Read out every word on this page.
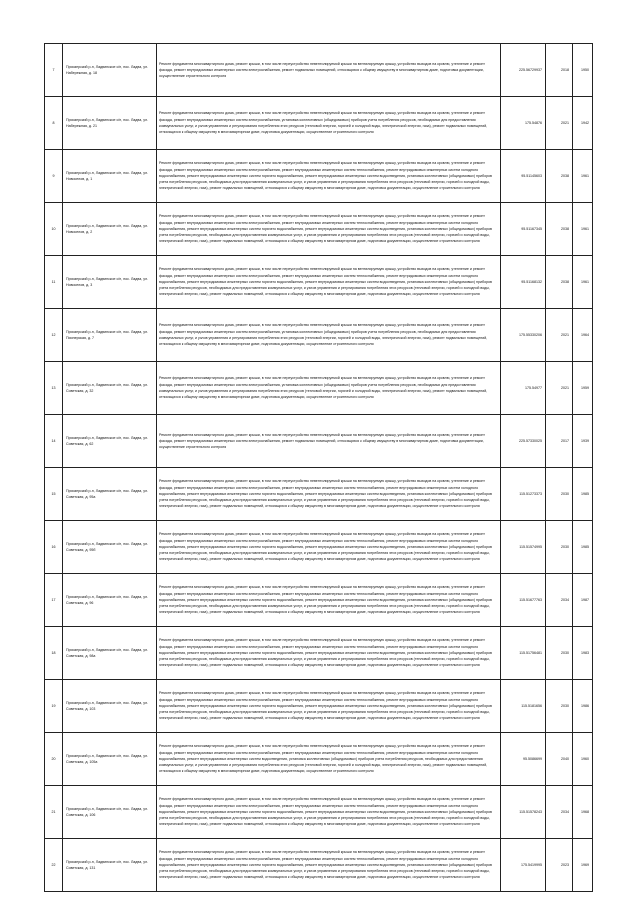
7	Приозерский р-н, Ладвинское с/п, пос. Ладва, ул. Набережная, д. 18	Ремонт фундамента многоквартирного дома, ремонт крыши, в том числе переустройство невентилируемой крыши на вентилируемую крышу, устройство выходов на кровлю, утепление и ремонт фасада, ремонт внутридомовых инженерных систем электроснабжения, ремонт подвальных помещений, относящихся к общему имуществу в многоквартирном доме, подготовка документации, осуществление строительного контроля	225.56729937	2018	1950
8	Приозерский р-н, Ладвинское с/п, пос. Ладва, ул. Набережная, д. 21	Ремонт фундамента многоквартирного дома, ремонт крыши, в том числе переустройство невентилируемой крыши на вентилируемую крышу, устройство выходов на кровлю, утепление и ремонт фасада, ремонт внутридомовых инженерных систем электроснабжения, установка коллективных (общедомовых) приборов учета потребления ресурсов, необходимых для предоставления коммунальных услуг, и узлов управления и регулирования потребления этих ресурсов (тепловой энергии, горячей и холодной воды, электрической энергии, газа), ремонт подвальных помещений, относящихся к общему имуществу в многоквартирном доме, подготовка документации, осуществление строительного контроля	175.54876	2021	1942
9	Приозерский р-н, Ладвинское с/п, пос. Ладва, ул. Новоселов, д. 1	Ремонт фундамента многоквартирного дома, ремонт крыши, в том числе переустройство невентилируемой крыши на вентилируемую крышу, устройство выходов на кровлю, утепление и ремонт фасада, ремонт внутридомовых инженерных систем электроснабжения, ремонт внутридомовых инженерных систем теплоснабжения, ремонт внутридомовых инженерных систем холодного водоснабжения, ремонт внутридомовых инженерных систем горячего водоснабжения, ремонт внутридомовых инженерных систем водоотведения, установка коллективных (общедомовых) приборов учета потребления ресурсов, необходимых для предоставления коммунальных услуг, и узлов управления и регулирования потребления этих ресурсов (тепловой энергии, горячей и холодной воды, электрической энергии, газа), ремонт подвальных помещений, относящихся к общему имуществу в многоквартирном доме, подготовка документации, осуществление строительного контроля	95.51145603	2038	1961
10	Приозерский р-н, Ладвинское с/п, пос. Ладва, ул. Новоселов, д. 2	Ремонт фундамента многоквартирного дома, ремонт крыши, в том числе переустройство невентилируемой крыши на вентилируемую крышу, устройство выходов на кровлю, утепление и ремонт фасада, ремонт внутридомовых инженерных систем электроснабжения, ремонт внутридомовых инженерных систем теплоснабжения, ремонт внутридомовых инженерных систем холодного водоснабжения, ремонт внутридомовых инженерных систем горячего водоснабжения, ремонт внутридомовых инженерных систем водоотведения, установка коллективных (общедомовых) приборов учета потребления ресурсов, необходимых для предоставления коммунальных услуг, и узлов управления и регулирования потребления этих ресурсов (тепловой энергии, горячей и холодной воды, электрической энергии, газа), ремонт подвальных помещений, относящихся к общему имуществу в многоквартирном доме, подготовка документации, осуществление строительного контроля	95.51167345	2038	1961
11	Приозерский р-н, Ладвинское с/п, пос. Ладва, ул. Новоселов, д. 3	Ремонт фундамента многоквартирного дома, ремонт крыши, в том числе переустройство невентилируемой крыши на вентилируемую крышу, устройство выходов на кровлю, утепление и ремонт фасада, ремонт внутридомовых инженерных систем электроснабжения, ремонт внутридомовых инженерных систем теплоснабжения, ремонт внутридомовых инженерных систем холодного водоснабжения, ремонт внутридомовых инженерных систем горячего водоснабжения, ремонт внутридомовых инженерных систем водоотведения, установка коллективных (общедомовых) приборов учета потребления ресурсов, необходимых для предоставления коммунальных услуг, и узлов управления и регулирования потребления этих ресурсов (тепловой энергии, горячей и холодной воды, электрической энергии, газа), ремонт подвальных помещений, относящихся к общему имуществу в многоквартирном доме, подготовка документации, осуществление строительного контроля	95.51168132	2038	1961
12	Приозерский р-н, Ладвинское с/п, пос. Ладва, ул. Пионерская, д. 7	Ремонт фундамента многоквартирного дома, ремонт крыши, в том числе переустройство невентилируемой крыши на вентилируемую крышу, устройство выходов на кровлю, утепление и ремонт фасада, ремонт внутридомовых инженерных систем электроснабжения, установка коллективных (общедомовых) приборов учета потребления ресурсов, необходимых для предоставления коммунальных услуг, и узлов управления и регулирования потребления этих ресурсов (тепловой энергии, горячей и холодной воды, электрической энергии, газа), ремонт подвальных помещений, относящихся к общему имуществу в многоквартирном доме, подготовка документации, осуществление строительного контроля	175.55330206	2021	1964
13	Приозерский р-н, Ладвинское с/п, пос. Ладва, ул. Советская, д. 32	Ремонт фундамента многоквартирного дома, ремонт крыши, в том числе переустройство невентилируемой крыши на вентилируемую крышу, устройство выходов на кровлю, утепление и ремонт фасада, ремонт внутридомовых инженерных систем электроснабжения, установка коллективных (общедомовых) приборов учета потребления ресурсов, необходимых для предоставления коммунальных услуг, и узлов управления и регулирования потребления этих ресурсов (тепловой энергии, горячей и холодной воды, электрической энергии, газа), ремонт подвальных помещений, относящихся к общему имуществу в многоквартирном доме, подготовка документации, осуществление строительного контроля	175.54977	2021	1959
14	Приозерский р-н, Ладвинское с/п, пос. Ладва, ул. Советская, д. 62	Ремонт фундамента многоквартирного дома, ремонт крыши, в том числе переустройство невентилируемой крыши на вентилируемую крышу, устройство выходов на кровлю, утепление и ремонт фасада, ремонт внутридомовых инженерных систем электроснабжения, ремонт подвальных помещений, относящихся к общему имуществу в многоквартирном доме, подготовка документации, осуществление строительного контроля	225.57330025	2017	1939
15	Приозерский р-н, Ладвинское с/п, пос. Ладва, ул. Советская, д. 95а	Ремонт фундамента многоквартирного дома, ремонт крыши, в том числе переустройство невентилируемой крыши на вентилируемую крышу, устройство выходов на кровлю, утепление и ремонт фасада, ремонт внутридомовых инженерных систем электроснабжения, ремонт внутридомовых инженерных систем теплоснабжения, ремонт внутридомовых инженерных систем холодного водоснабжения, ремонт внутридомовых инженерных систем горячего водоснабжения, ремонт внутридомовых инженерных систем водоотведения, установка коллективных (общедомовых) приборов учета потребления ресурсов, необходимых для предоставления коммунальных услуг, и узлов управления и регулирования потребления этих ресурсов (тепловой энергии, горячей и холодной воды, электрической энергии, газа), ремонт подвальных помещений, относящихся к общему имуществу в многоквартирном доме, подготовка документации, осуществление строительного контроля	115.51273373	2030	1985
16	Приозерский р-н, Ладвинское с/п, пос. Ладва, ул. Советская, д. 95б	Ремонт фундамента многоквартирного дома, ремонт крыши, в том числе переустройство невентилируемой крыши на вентилируемую крышу, устройство выходов на кровлю, утепление и ремонт фасада, ремонт внутридомовых инженерных систем электроснабжения, ремонт внутридомовых инженерных систем теплоснабжения, ремонт внутридомовых инженерных систем холодного водоснабжения, ремонт внутридомовых инженерных систем горячего водоснабжения, ремонт внутридомовых инженерных систем водоотведения, установка коллективных (общедомовых) приборов учета потребления ресурсов, необходимых для предоставления коммунальных услуг, и узлов управления и регулирования потребления этих ресурсов (тепловой энергии, горячей и холодной воды, электрической энергии, газа), ремонт подвальных помещений, относящихся к общему имуществу в многоквартирном доме, подготовка документации, осуществление строительного контроля	115.51574995	2030	1985
17	Приозерский р-н, Ладвинское с/п, пос. Ладва, ул. Советская, д. 96	Ремонт фундамента многоквартирного дома, ремонт крыши, в том числе переустройство невентилируемой крыши на вентилируемую крышу, устройство выходов на кровлю, утепление и ремонт фасада, ремонт внутридомовых инженерных систем электроснабжения, ремонт внутридомовых инженерных систем теплоснабжения, ремонт внутридомовых инженерных систем холодного водоснабжения, ремонт внутридомовых инженерных систем горячего водоснабжения, ремонт внутридомовых инженерных систем водоотведения, установка коллективных (общедомовых) приборов учета потребления ресурсов, необходимых для предоставления коммунальных услуг, и узлов управления и регулирования потребления этих ресурсов (тепловой энергии, горячей и холодной воды, электрической энергии, газа), ремонт подвальных помещений, относящихся к общему имуществу в многоквартирном доме, подготовка документации, осуществление строительного контроля	115.51677763	2034	1987
18	Приозерский р-н, Ладвинское с/п, пос. Ладва, ул. Советская, д. 98а	Ремонт фундамента многоквартирного дома, ремонт крыши, в том числе переустройство невентилируемой крыши на вентилируемую крышу, устройство выходов на кровлю, утепление и ремонт фасада, ремонт внутридомовых инженерных систем электроснабжения, ремонт внутридомовых инженерных систем теплоснабжения, ремонт внутридомовых инженерных систем холодного водоснабжения, ремонт внутридомовых инженерных систем горячего водоснабжения, ремонт внутридомовых инженерных систем водоотведения, установка коллективных (общедомовых) приборов учета потребления ресурсов, необходимых для предоставления коммунальных услуг, и узлов управления и регулирования потребления этих ресурсов (тепловой энергии, горячей и холодной воды, электрической энергии, газа), ремонт подвальных помещений, относящихся к общему имуществу в многоквартирном доме, подготовка документации, осуществление строительного контроля	115.51756481	2030	1983
19	Приозерский р-н, Ладвинское с/п, пос. Ладва, ул. Советская, д. 103	Ремонт фундамента многоквартирного дома, ремонт крыши, в том числе переустройство невентилируемой крыши на вентилируемую крышу, устройство выходов на кровлю, утепление и ремонт фасада, ремонт внутридомовых инженерных систем электроснабжения, ремонт внутридомовых инженерных систем теплоснабжения, ремонт внутридомовых инженерных систем холодного водоснабжения, ремонт внутридомовых инженерных систем горячего водоснабжения, ремонт внутридомовых инженерных систем водоотведения, установка коллективных (общедомовых) приборов учета потребления ресурсов, необходимых для предоставления коммунальных услуг, и узлов управления и регулирования потребления этих ресурсов (тепловой энергии, горячей и холодной воды, электрической энергии, газа), ремонт подвальных помещений, относящихся к общему имуществу в многоквартирном доме, подготовка документации, осуществление строительного контроля	115.5181656	2030	1986
20	Приозерский р-н, Ладвинское с/п, пос. Ладва, ул. Советская, д. 105а	Ремонт фундамента многоквартирного дома, ремонт крыши, в том числе переустройство невентилируемой крыши на вентилируемую крышу, устройство выходов на кровлю, утепление и ремонт фасада, ремонт внутридомовых инженерных систем электроснабжения, ремонт внутридомовых инженерных систем теплоснабжения, ремонт внутридомовых инженерных систем холодного водоснабжения, ремонт внутридомовых инженерных систем водоотведения, установка коллективных (общедомовых) приборов учета потребления ресурсов, необходимых для предоставления коммунальных услуг, и узлов управления и регулирования потребления этих ресурсов (тепловой энергии, горячей и холодной воды, электрической энергии, газа), ремонт подвальных помещений, относящихся к общему имуществу в многоквартирном доме, подготовка документации, осуществление строительного контроля	95.5086699	2040	1960
21	Приозерский р-н, Ладвинское с/п, пос. Ладва, ул. Советская, д. 106	Ремонт фундамента многоквартирного дома, ремонт крыши, в том числе переустройство невентилируемой крыши на вентилируемую крышу, устройство выходов на кровлю, утепление и ремонт фасада, ремонт внутридомовых инженерных систем электроснабжения, ремонт внутридомовых инженерных систем теплоснабжения, ремонт внутридомовых инженерных систем холодного водоснабжения, ремонт внутридомовых инженерных систем горячего водоснабжения, ремонт внутридомовых инженерных систем водоотведения, установка коллективных (общедомовых) приборов учета потребления ресурсов, необходимых для предоставления коммунальных услуг, и узлов управления и регулирования потребления этих ресурсов (тепловой энергии, горячей и холодной воды, электрической энергии, газа), ремонт подвальных помещений, относящихся к общему имуществу в многоквартирном доме, подготовка документации, осуществление строительного контроля	115.51578243	2034	1968
22	Приозерский р-н, Ладвинское с/п, пос. Ладва, ул. Советская, д. 131	Ремонт фундамента многоквартирного дома, ремонт крыши, в том числе переустройство невентилируемой крыши на вентилируемую крышу, устройство выходов на кровлю, утепление и ремонт фасада, ремонт внутридомовых инженерных систем электроснабжения, ремонт внутридомовых инженерных систем теплоснабжения, ремонт внутридомовых инженерных систем холодного водоснабжения, ремонт внутридомовых инженерных систем горячего водоснабжения, ремонт внутридомовых инженерных систем водоотведения, установка коллективных (общедомовых) приборов учета потребления ресурсов, необходимых для предоставления коммунальных услуг, и узлов управления и регулирования потребления этих ресурсов (тепловой энергии, горячей и холодной воды, электрической энергии, газа), ремонт подвальных помещений, относящихся к общему имуществу в многоквартирном доме, подготовка документации, осуществление строительного контроля	175.5419995	2023	1969
